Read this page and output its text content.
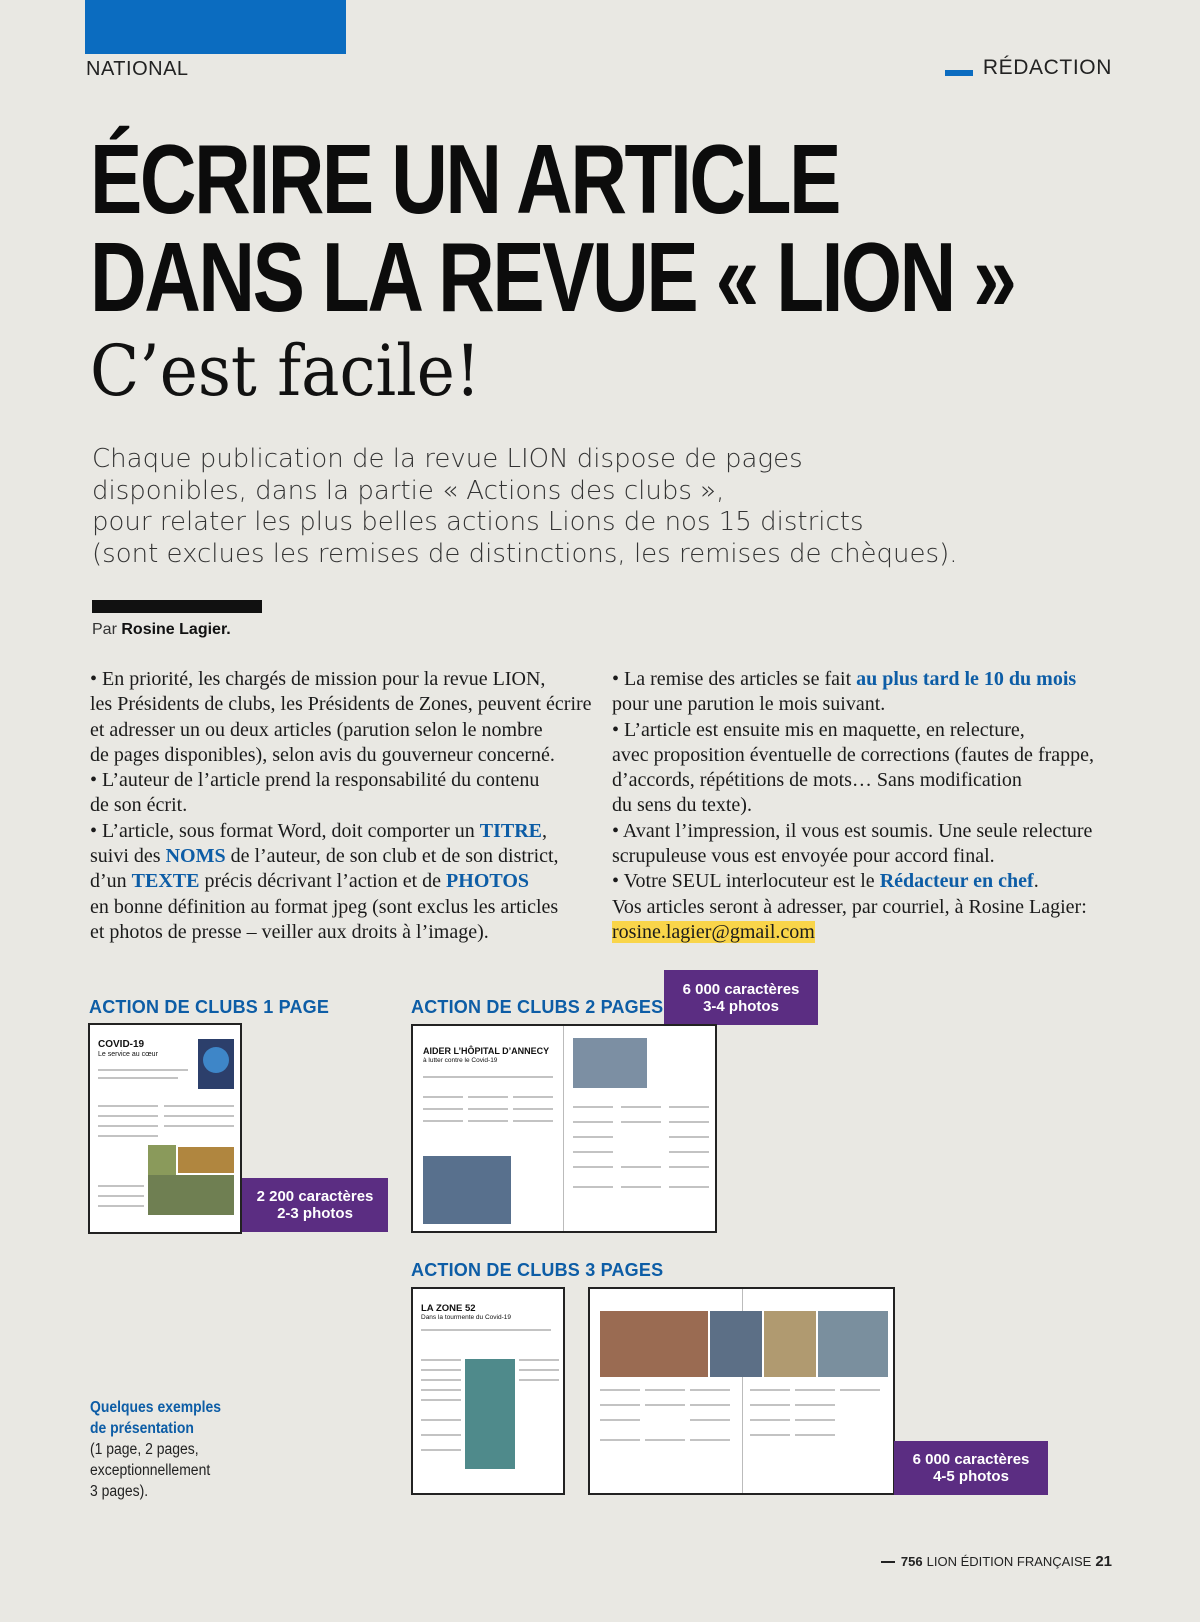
NATIONAL	RÉDACTION
ÉCRIRE UN ARTICLE
DANS LA REVUE « LION »
C’est facile!

Chaque publication de la revue LION dispose de pages

disponibles, dans la partie « Actions des clubs »,

pour relater les plus belles actions Lions de nos 15 districts

(sont exclues les remises de distinctions, les remises de chèques).

Par Rosine Lagier.

• En priorité, les chargés de mission pour la revue LION,

les Présidents de clubs, les Présidents de Zones, peuvent écrire

et adresser un ou deux articles (parution selon le nombre

de pages disponibles), selon avis du gouverneur concerné.

• L’auteur de l’article prend la responsabilité du contenu

de son écrit.

• L’article, sous format Word, doit comporter un TITRE,

suivi des NOMS de l’auteur, de son club et de son district,

d’un TEXTE précis décrivant l’action et de PHOTOS

en bonne définition au format jpeg (sont exclus les articles

et photos de presse – veiller aux droits à l’image).

• La remise des articles se fait au plus tard le 10 du mois

pour une parution le mois suivant.

• L’article est ensuite mis en maquette, en relecture,

avec proposition éventuelle de corrections (fautes de frappe,

d’accords, répétitions de mots… Sans modification

du sens du texte).

• Avant l’impression, il vous est soumis. Une seule relecture

scrupuleuse vous est envoyée pour accord final.

• Votre SEUL interlocuteur est le Rédacteur en chef.

Vos articles seront à adresser, par courriel, à Rosine Lagier:

rosine.lagier@gmail.com

ACTION DE CLUBS 1 PAGE
COVID-19
Le service au cœur
2 200 caractères
2-3 photos
ACTION DE CLUBS 2 PAGES
6 000 caractères
3-4 photos
AIDER L’HÔPITAL D’ANNECY
à lutter contre le Covid-19
ACTION DE CLUBS 3 PAGES
LA ZONE 52
Dans la tourmente du Covid-19
6 000 caractères
4-5 photos
Quelques exemples
de présentation
(1 page, 2 pages,
exceptionnellement
3 pages).
756 LION ÉDITION FRANÇAISE 21
